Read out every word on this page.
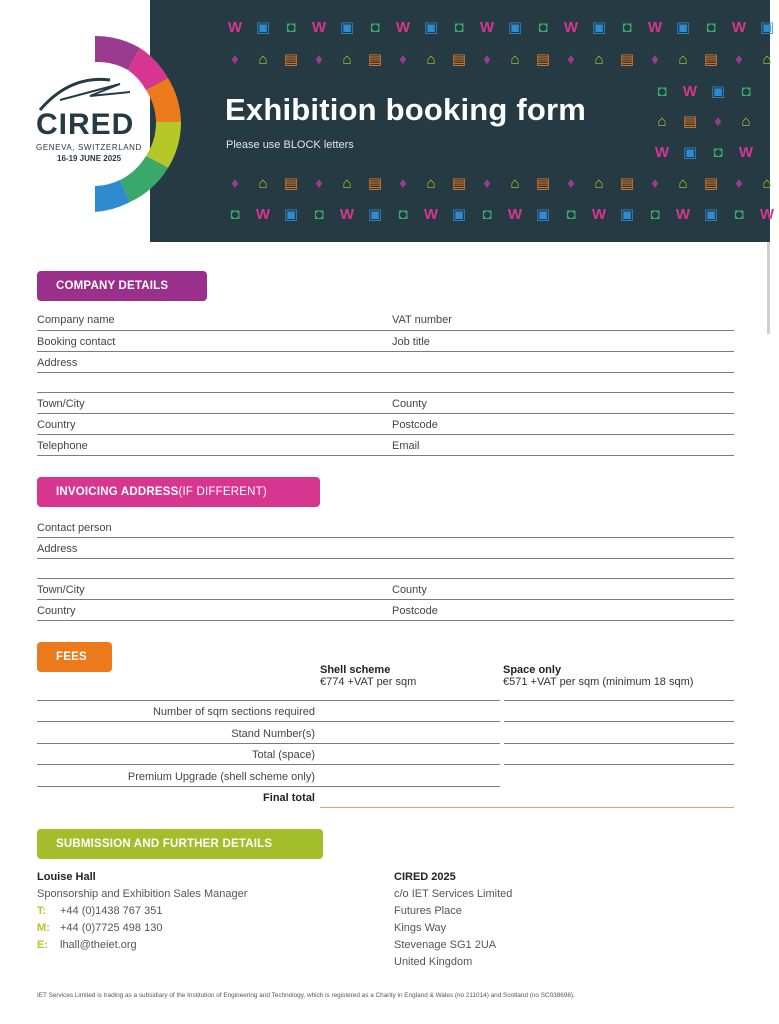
CIRED
GENEVA, SWITZERLAND
16-19 JUNE 2025
W ▣	◘	W ▣	◘	W ▣	◘	W ▣	◘	W ▣	◘	W ▣	◘	W ▣
♦	⌂	▤	♦	⌂	▤	♦	⌂	▤	♦	⌂	▤	♦	⌂	▤	♦	⌂	▤	♦	⌂
◘	W ▣	◘
⌂	▤	♦	⌂
W ▣	◘	W
♦	⌂	▤	♦	⌂	▤	♦	⌂	▤	♦	⌂	▤	♦	⌂	▤	♦	⌂	▤	♦	⌂
◘	W ▣	◘	W ▣	◘	W ▣	◘	W ▣	◘	W ▣	◘	W ▣	◘	W
Exhibition booking form
Please use BLOCK letters
COMPANY DETAILS
Company name	VAT number
Booking contact	Job title
Address
Town/City	County
Country	Postcode
Telephone	Email
INVOICING ADDRESS (IF DIFFERENT)
Contact person
Address
Town/City	County
Country	Postcode
FEES
Shell scheme
€774 +VAT per sqm
Space only
€571 +VAT per sqm (minimum 18 sqm)
Number of sqm sections required
Stand Number(s)
Total (space)
Premium Upgrade (shell scheme only)
Final total
SUBMISSION AND FURTHER DETAILS
Louise Hall
Sponsorship and Exhibition Sales Manager
T: +44 (0)1438 767 351
M: +44 (0)7725 498 130
E: lhall@theiet.org
CIRED 2025
c/o IET Services Limited
Futures Place
Kings Way
Stevenage SG1 2UA
United Kingdom
IET Services Limited is trading as a subsidiary of the Institution of Engineering and Technology, which is registered as a Charity in England & Wales (no 211014) and Scotland (no SC038698).
